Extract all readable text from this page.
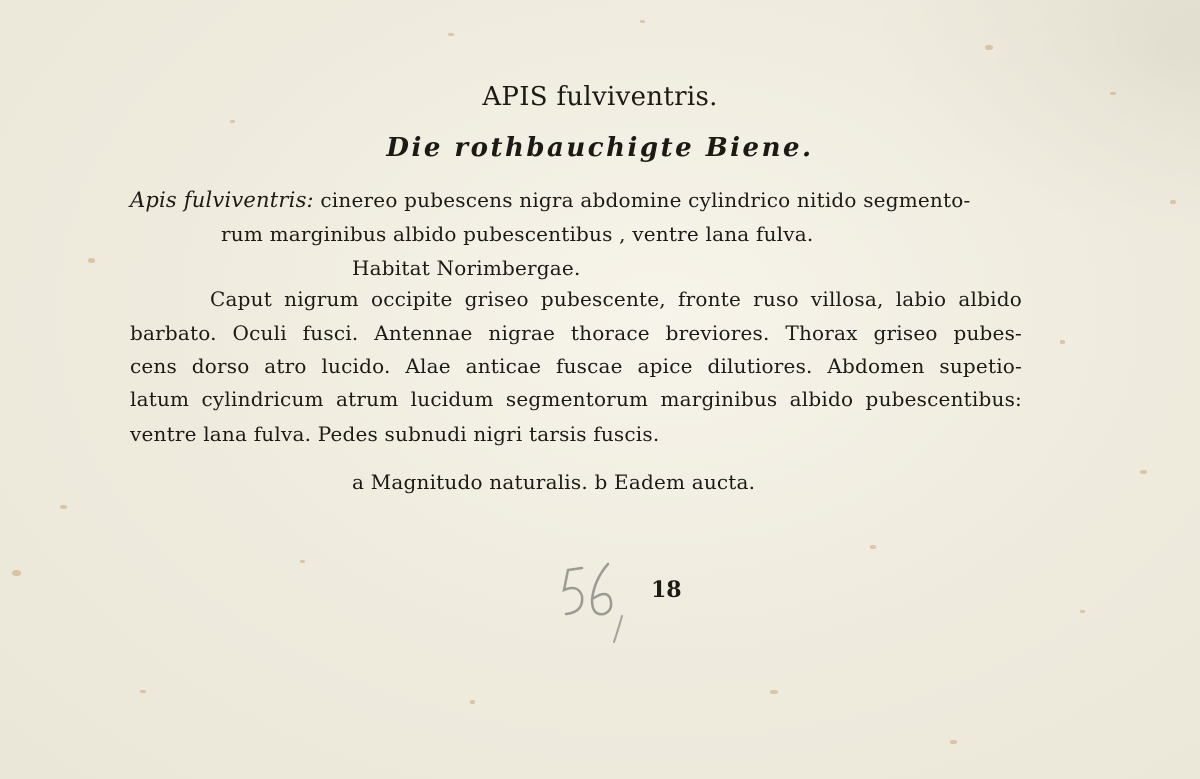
APIS fulviventris.
Die rothbauchigte Biene.
Apis fulviventris: cinereo pubescens nigra abdomine cylindrico nitido segmento-

rum marginibus albido pubescentibus , ventre lana fulva.

Habitat Norimbergae.

Caput nigrum occipite griseo pubescente, fronte ruso villosa, labio albido

barbato. Oculi fusci. Antennae nigrae thorace breviores. Thorax griseo pubes-

cens dorso atro lucido. Alae anticae fuscae apice dilutiores. Abdomen supetio-

latum cylindricum atrum lucidum segmentorum marginibus albido pubescentibus:

ventre lana fulva. Pedes subnudi nigri tarsis fuscis.

a Magnitudo naturalis. b Eadem aucta.

18
